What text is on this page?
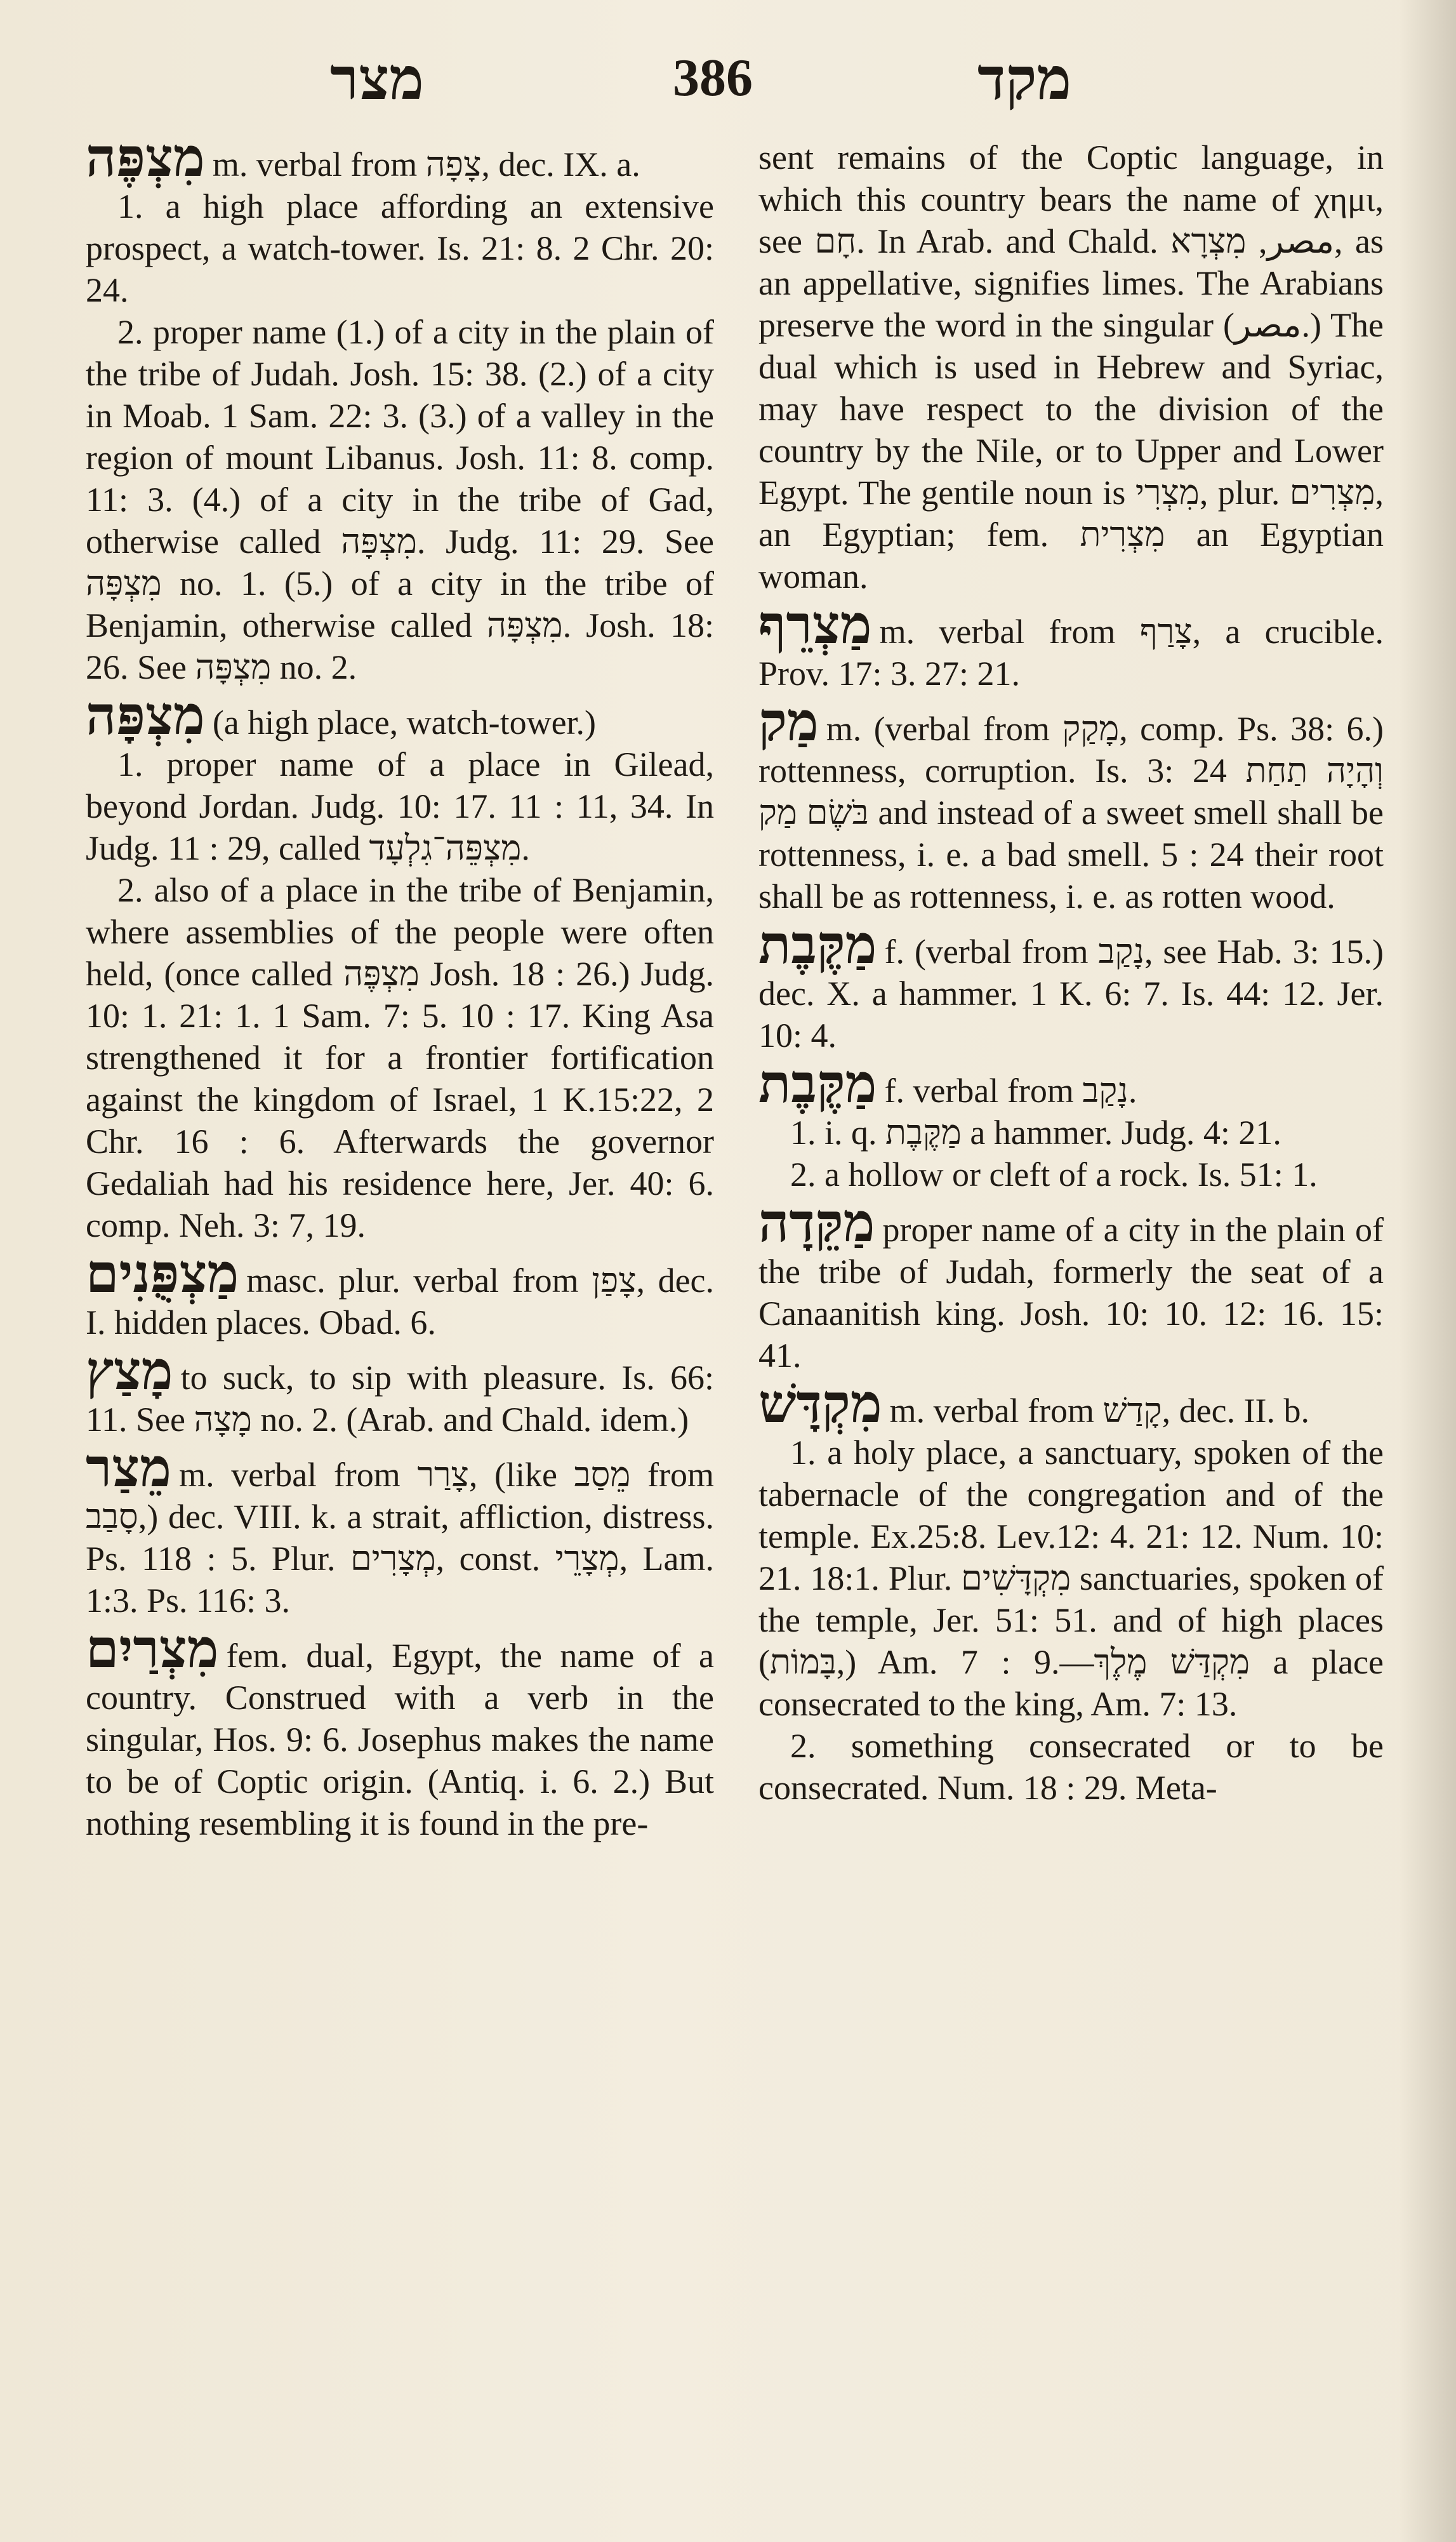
מצר	386	מקד
מִצְפֶּה m. verbal from צָפָה, dec. IX. a.
1. a high place affording an extensive prospect, a watch-tower. Is. 21: 8. 2 Chr. 20: 24.
2. proper name (1.) of a city in the plain of the tribe of Judah. Josh. 15: 38. (2.) of a city in Moab. 1 Sam. 22: 3. (3.) of a valley in the region of mount Libanus. Josh. 11: 8. comp. 11: 3. (4.) of a city in the tribe of Gad, otherwise called מִצְפָּה. Judg. 11: 29. See מִצְפָּה no. 1. (5.) of a city in the tribe of Benjamin, otherwise called מִצְפָּה. Josh. 18: 26. See מִצְפָּה no. 2.
מִצְפָּה (a high place, watch-tower.)
1. proper name of a place in Gilead, beyond Jordan. Judg. 10: 17. 11 : 11, 34. In Judg. 11 : 29, called מִצְפֵּה־גִלְעָד.
2. also of a place in the tribe of Benjamin, where assemblies of the people were often held, (once called מִצְפֶּה Josh. 18 : 26.) Judg. 10: 1. 21: 1. 1 Sam. 7: 5. 10 : 17. King Asa strengthened it for a frontier fortification against the kingdom of Israel, 1 K.15:22, 2 Chr. 16 : 6. Afterwards the governor Gedaliah had his residence here, Jer. 40: 6. comp. Neh. 3: 7, 19.
מַצְפֻּנִים masc. plur. verbal from צָפַן, dec. I. hidden places. Obad. 6.
מָצַץ to suck, to sip with pleasure. Is. 66: 11. See מָצָה no. 2. (Arab. and Chald. idem.)
מֵצַר m. verbal from צָרַר, (like מֵסַב from סָבַב,) dec. VIII. k. a strait, affliction, distress. Ps. 118 : 5. Plur. מְצָרִים, const. מְצָרֵי, Lam. 1:3. Ps. 116: 3.
מִצְרַיִם fem. dual, Egypt, the name of a country. Construed with a verb in the singular, Hos. 9: 6. Josephus makes the name to be of Coptic origin. (Antiq. i. 6. 2.) But nothing resembling it is found in the pre-
sent remains of the Coptic language, in which this country bears the name of χημι, see חָם. In Arab. and Chald. مصر, מִצְרָא, as an appellative, signifies limes. The Arabians preserve the word in the singular (مصر.) The dual which is used in Hebrew and Syriac, may have respect to the division of the country by the Nile, or to Upper and Lower Egypt. The gentile noun is מִצְרִי, plur. מִצְרִים, an Egyptian; fem. מִצְרִית an Egyptian woman.
מַצְרֵף m. verbal from צָרַף, a crucible. Prov. 17: 3. 27: 21.
מַק m. (verbal from מָקַק, comp. Ps. 38: 6.) rottenness, corruption. Is. 3: 24 וְהָיָה תַחַת בֹּשֶׂם מַק and instead of a sweet smell shall be rottenness, i. e. a bad smell. 5 : 24 their root shall be as rottenness, i. e. as rotten wood.
מַקֶּבֶת f. (verbal from נָקַב, see Hab. 3: 15.) dec. X. a hammer. 1 K. 6: 7. Is. 44: 12. Jer. 10: 4.
מַקֶּבֶת f. verbal from נָקַב.
1. i. q. מַקֶּבֶת a hammer. Judg. 4: 21.
2. a hollow or cleft of a rock. Is. 51: 1.
מַקֵּדָה proper name of a city in the plain of the tribe of Judah, formerly the seat of a Canaanitish king. Josh. 10: 10. 12: 16. 15: 41.
מִקְדָּשׁ m. verbal from קָדַשׁ, dec. II. b.
1. a holy place, a sanctuary, spoken of the tabernacle of the congregation and of the temple. Ex.25:8. Lev.12: 4. 21: 12. Num. 10: 21. 18:1. Plur. מִקְדָּשִׁים sanctuaries, spoken of the temple, Jer. 51: 51. and of high places (בָּמוֹת,) Am. 7 : 9.—מִקְדַּשׁ מֶלֶךְ a place consecrated to the king, Am. 7: 13.
2. something consecrated or to be consecrated. Num. 18 : 29. Meta-
